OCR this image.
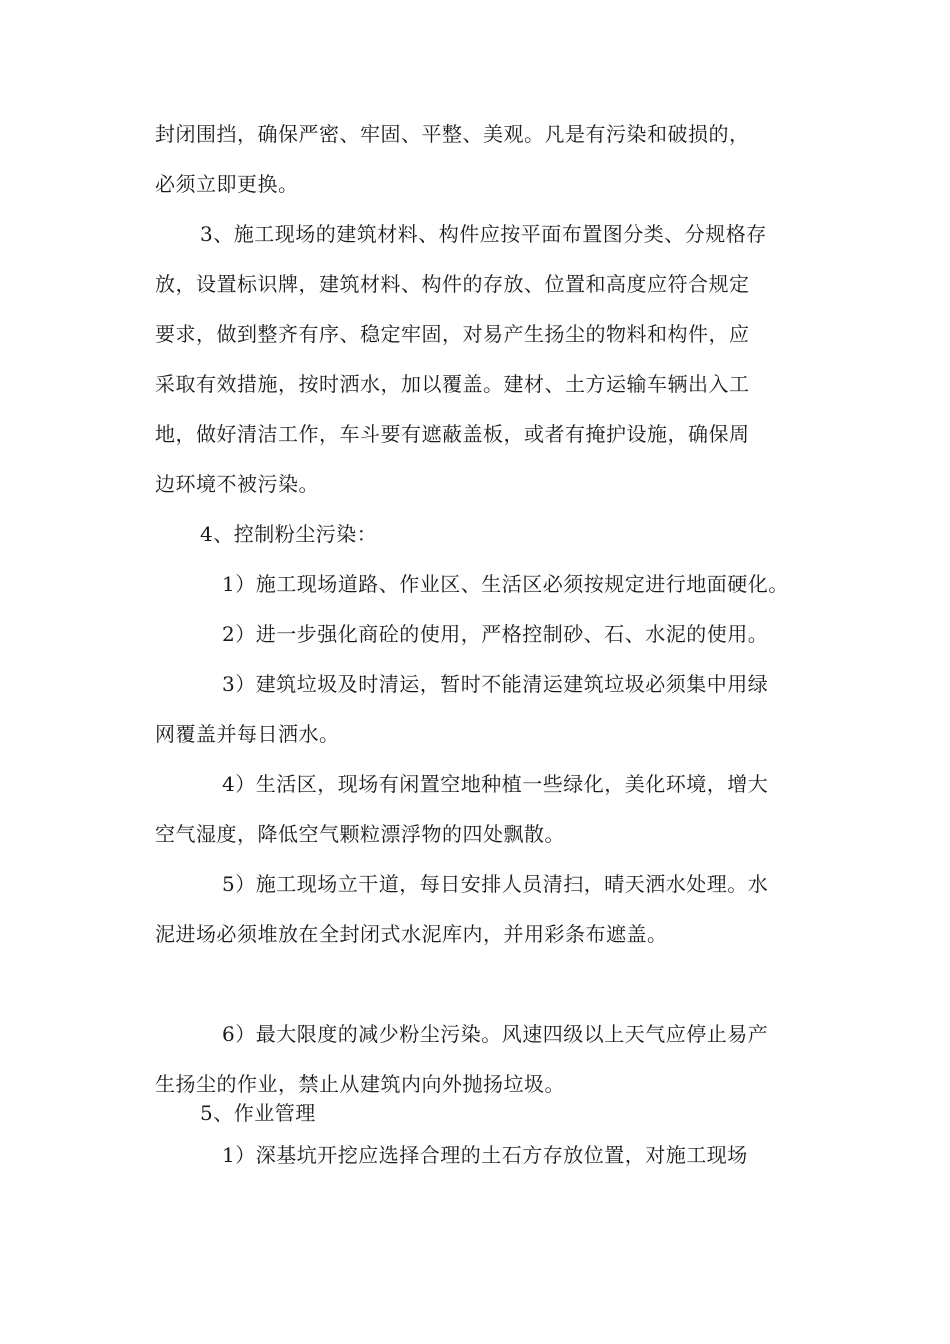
封闭围挡，确保严密、牢固、平整、美观。凡是有污染和破损的，
必须立即更换。
3、施工现场的建筑材料、构件应按平面布置图分类、分规格存
放，设置标识牌，建筑材料、构件的存放、位置和高度应符合规定
要求，做到整齐有序、稳定牢固，对易产生扬尘的物料和构件，应
采取有效措施，按时洒水，加以覆盖。建材、土方运输车辆出入工
地，做好清洁工作，车斗要有遮蔽盖板，或者有掩护设施，确保周
边环境不被污染。
4、控制粉尘污染：
1）施工现场道路、作业区、生活区必须按规定进行地面硬化。
2）进一步强化商砼的使用，严格控制砂、石、水泥的使用。
3）建筑垃圾及时清运，暂时不能清运建筑垃圾必须集中用绿
网覆盖并每日洒水。
4）生活区，现场有闲置空地种植一些绿化，美化环境，增大
空气湿度，降低空气颗粒漂浮物的四处飘散。
5）施工现场立干道，每日安排人员清扫，晴天洒水处理。水
泥进场必须堆放在全封闭式水泥库内，并用彩条布遮盖。
6）最大限度的减少粉尘污染。风速四级以上天气应停止易产
生扬尘的作业，禁止从建筑内向外抛扬垃圾。
5、作业管理
1）深基坑开挖应选择合理的土石方存放位置，对施工现场
